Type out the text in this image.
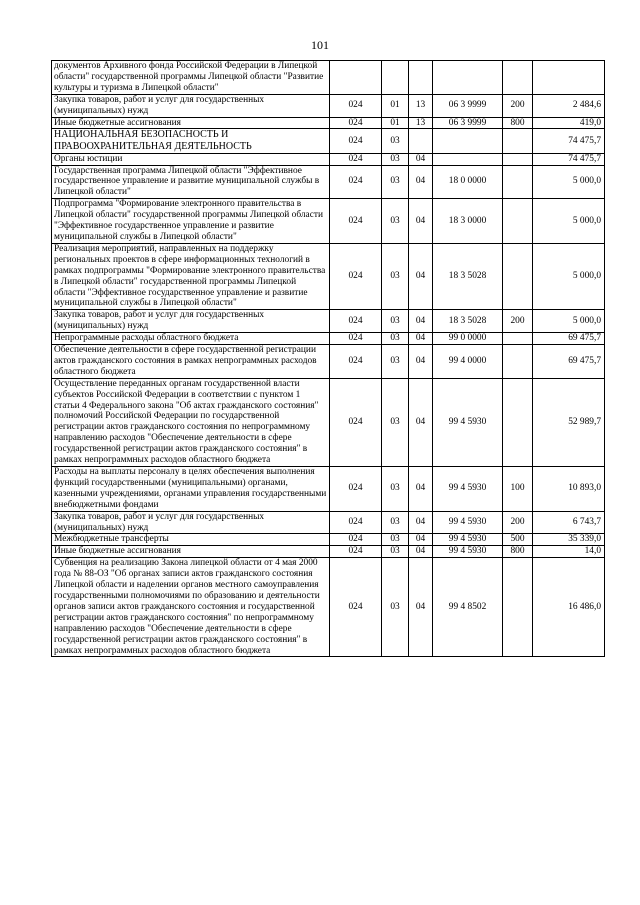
101
документов Архивного фонда Российской Федерации в Липецкой области" государственной программы Липецкой области "Развитие культуры и туризма в Липецкой области"						
Закупка товаров, работ и услуг для государственных (муниципальных) нужд	024	01	13	06 3 9999	200	2 484,6
Иные бюджетные ассигнования	024	01	13	06 3 9999	800	419,0
НАЦИОНАЛЬНАЯ БЕЗОПАСНОСТЬ И ПРАВООХРАНИТЕЛЬНАЯ ДЕЯТЕЛЬНОСТЬ	024	03				74 475,7
Органы юстиции	024	03	04			74 475,7
Государственная программа Липецкой области "Эффективное государственное управление и развитие муниципальной службы в Липецкой области"	024	03	04	18 0 0000		5 000,0
Подпрограмма "Формирование электронного правительства в Липецкой области" государственной программы Липецкой области "Эффективное государственное управление и развитие муниципальной службы в Липецкой области"	024	03	04	18 3 0000		5 000,0
Реализация мероприятий, направленных на поддержку региональных проектов в сфере информационных технологий в рамках подпрограммы "Формирование электронного правительства в Липецкой области" государственной программы Липецкой области "Эффективное государственное управление и развитие муниципальной службы в Липецкой области"	024	03	04	18 3 5028		5 000,0
Закупка товаров, работ и услуг для государственных (муниципальных) нужд	024	03	04	18 3 5028	200	5 000,0
Непрограммные расходы областного бюджета	024	03	04	99 0 0000		69 475,7
Обеспечение деятельности в сфере государственной регистрации актов гражданского состояния в рамках непрограммных расходов областного бюджета	024	03	04	99 4 0000		69 475,7
Осуществление переданных органам государственной власти субъектов Российской Федерации в соответствии с пунктом 1 статьи 4 Федерального закона "Об актах гражданского состояния" полномочий Российской Федерации по государственной регистрации актов гражданского состояния по непрограммному направлению расходов "Обеспечение деятельности в сфере государственной регистрации актов гражданского состояния" в рамках непрограммных расходов областного бюджета	024	03	04	99 4 5930		52 989,7
Расходы на выплаты персоналу в целях обеспечения выполнения функций государственными (муниципальными) органами, казенными учреждениями, органами управления государственными внебюджетными фондами	024	03	04	99 4 5930	100	10 893,0
Закупка товаров, работ и услуг для государственных (муниципальных) нужд	024	03	04	99 4 5930	200	6 743,7
Межбюджетные трансферты	024	03	04	99 4 5930	500	35 339,0
Иные бюджетные ассигнования	024	03	04	99 4 5930	800	14,0
Субвенция на реализацию Закона липецкой области от 4 мая 2000 года № 88-ОЗ "Об органах записи актов гражданского состояния Липецкой области и наделении органов местного самоуправления государственными полномочиями по образованию и деятельности органов записи актов гражданского состояния и государственной регистрации актов гражданского состояния" по непрограммному направлению расходов "Обеспечение деятельности в сфере государственной регистрации актов гражданского состояния" в рамках непрограммных расходов областного бюджета	024	03	04	99 4 8502		16 486,0
